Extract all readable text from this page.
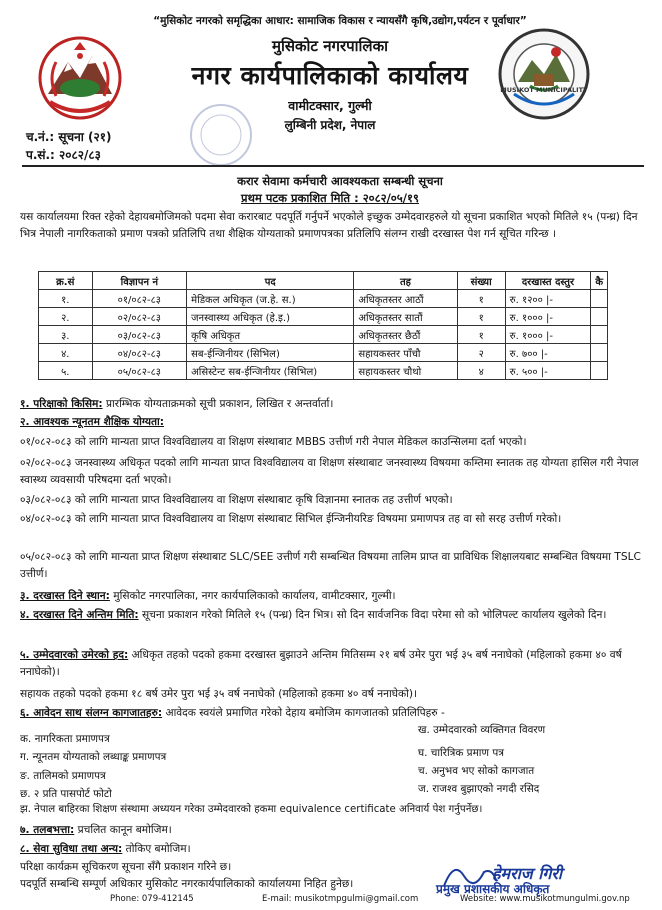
MUSIKOT MUNICIPALITY
“मुसिकोट नगरको समृद्धिका आधार: सामाजिक विकास र न्यायसँगै कृषि,उद्योग,पर्यटन र पूर्वाधार”
मुसिकोट नगरपालिका
नगर कार्यपालिकाको कार्यालय
वामीटक्सार, गुल्मी
लुम्बिनी प्रदेश, नेपाल
च.नं.: सूचना (२१)
प.सं.: २०८२/८३
करार सेवामा कर्मचारी आवश्यकता सम्बन्धी सूचना
प्रथम पटक प्रकाशित मिति : २०८२/०५/१९
यस कार्यालयमा रिक्त रहेको देहायबमोजिमको पदमा सेवा करारबाट पदपूर्ति गर्नुपर्ने भएकोले इच्छुक उम्मेदवारहरुले यो सूचना प्रकाशित भएको मितिले १५ (पन्ध्र) दिन भित्र नेपाली नागरिकताको प्रमाण पत्रको प्रतिलिपि तथा शैक्षिक योग्यताको प्रमाणपत्रका प्रतिलिपि संलग्न राखी दरखास्त पेश गर्न सूचित गरिन्छ ।
क्र.सं	विज्ञापन नं	पद	तह	संख्या	दरखास्त दस्तुर	कै
१.	०१/०८२-८३	मेडिकल अधिकृत (ज.हे. स.)	अधिकृतस्तर आठौं	१	रु. १२०० |-	
२.	०२/०८२-८३	जनस्वास्थ्य अधिकृत (हे.इ.)	अधिकृतस्तर सातौं	१	रु. १००० |-	
३.	०३/०८२-८३	कृषि अधिकृत	अधिकृतस्तर छैठौं	१	रु. १००० |-	
४.	०४/०८२-८३	सब-ईन्जिनीयर (सिभिल)	सहायकस्तर पाँचौ	२	रु. ७०० |-	
५.	०५/०८२-८३	असिस्टेन्ट सब-ईन्जिनीयर (सिभिल)	सहायकस्तर चौथो	४	रु. ५०० |-	
१. परिक्षाको किसिम: प्रारम्भिक योग्यताक्रमको सूची प्रकाशन, लिखित र अन्तर्वार्ता।
२. आवश्यक न्यूनतम शैक्षिक योग्यता:
०१/०८२-०८३ को लागि मान्यता प्राप्त विश्वविद्यालय वा शिक्षण संस्थाबाट MBBS उत्तीर्ण गरी नेपाल मेडिकल काउन्सिलमा दर्ता भएको।
०२/०८२-०८३ जनस्वास्थ्य अधिकृत पदको लागि मान्यता प्राप्त विश्वविद्यालय वा शिक्षण संस्थाबाट जनस्वास्थ्य विषयमा कम्तिमा स्नातक तह योग्यता हासिल गरी नेपाल स्वास्थ्य व्यवसायी परिषदमा दर्ता भएको।
०३/०८२-०८३ को लागि मान्यता प्राप्त विश्वविद्यालय वा शिक्षण संस्थाबाट कृषि विज्ञानमा स्नातक तह उत्तीर्ण भएको।
०४/०८२-०८३ को लागि मान्यता प्राप्त विश्वविद्यालय वा शिक्षण संस्थाबाट सिभिल ईन्जिनीयरिङ विषयमा प्रमाणपत्र तह वा सो सरह उत्तीर्ण गरेको।
०५/०८२-०८३ को लागि मान्यता प्राप्त शिक्षण संस्थाबाट SLC/SEE उत्तीर्ण गरी सम्बन्धित विषयमा तालिम प्राप्त वा प्राविधिक शिक्षालयबाट सम्बन्धित विषयमा TSLC उत्तीर्ण।
३. दरखास्त दिने स्थान: मुसिकोट नगरपालिका, नगर कार्यपालिकाको कार्यालय, वामीटक्सार, गुल्मी।
४. दरखास्त दिने अन्तिम मिति: सूचना प्रकाशन गरेको मितिले १५ (पन्ध्र) दिन भित्र। सो दिन सार्वजनिक विदा परेमा सो को भोलिपल्ट कार्यालय खुलेको दिन।
५. उम्मेदवारको उमेरको हद: अधिकृत तहको पदको हकमा दरखास्त बुझाउने अन्तिम मितिसम्म २१ बर्ष उमेर पुरा भई ३५ बर्ष ननाघेको (महिलाको हकमा ४० वर्ष ननाघेको)।
सहायक तहको पदको हकमा १८ बर्ष उमेर पुरा भई ३५ वर्ष ननाघेको (महिलाको हकमा ४० वर्ष ननाघेको)।
६. आवेदन साथ संलग्न कागजातहरु: आवेदक स्वयंले प्रमाणित गरेको देहाय बमोजिम कागजातको प्रतिलिपिहरु -
क. नागरिकता प्रमाणपत्र
ख. उम्मेदवारको व्यक्तिगत विवरण
ग. न्यूनतम योग्यताको लब्धाङ्क प्रमाणपत्र	घ. चारित्रिक प्रमाण पत्र
ङ. तालिमको प्रमाणपत्र	च. अनुभव भए सोको कागजात
छ. २ प्रति पासपोर्ट फोटो	ज. राजश्व बुझाएको नगदी रसिद
झ. नेपाल बाहिरका शिक्षण संस्थामा अध्ययन गरेका उम्मेदवारको हकमा equivalence certificate अनिवार्य पेश गर्नुपर्नेछ।
७. तलबभत्ता: प्रचलित कानून बमोजिम।
८. सेवा सुविधा तथा अन्य: तोकिए बमोजिम।
परिक्षा कार्यक्रम सूचिकरण सूचना सँगै प्रकाशन गरिने छ।
पदपूर्ति सम्बन्धि सम्पूर्ण अधिकार मुसिकोट नगरकार्यपालिकाको कार्यालयमा निहित हुनेछ।
हेमराज गिरी
प्रमुख प्रशासकीय अधिकृत
Phone: 079-412145	E-mail: musikotmpgulmi@gmail.com	Website: www.musikotmungulmi.gov.np
